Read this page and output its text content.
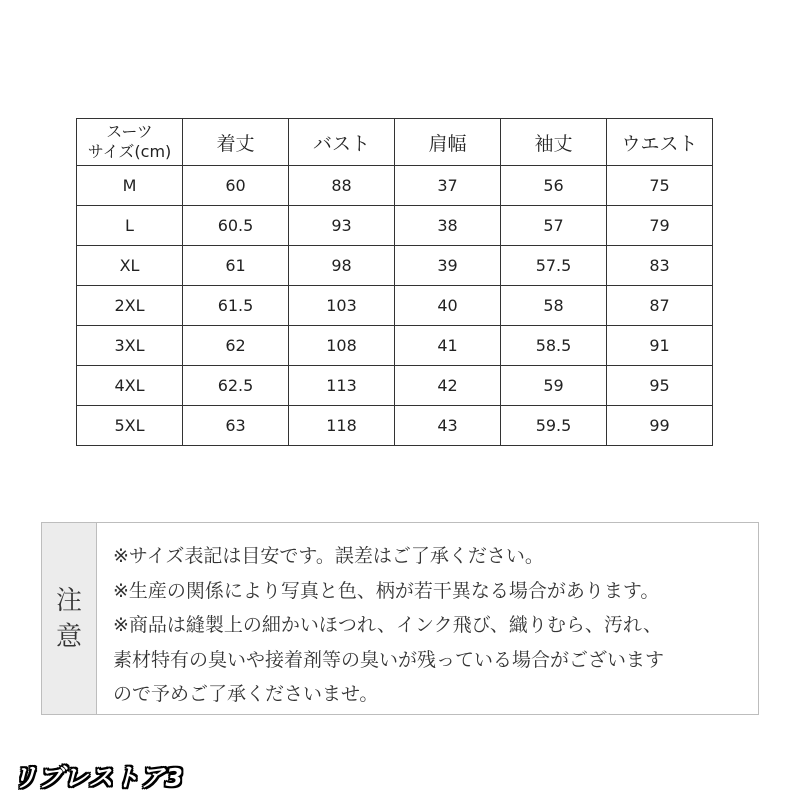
スーツ
サイズ(cm)	着丈	バスト	肩幅	袖丈	ウエスト
M	60	88	37	56	75
L	60.5	93	38	57	79
XL	61	98	39	57.5	83
2XL	61.5	103	40	58	87
3XL	62	108	41	58.5	91
4XL	62.5	113	42	59	95
5XL	63	118	43	59.5	99
注
意
※サイズ表記は目安です。誤差はご了承ください。
※生産の関係により写真と色、柄が若干異なる場合があります。
※商品は縫製上の細かいほつれ、インク飛び、織りむら、汚れ、
素材特有の臭いや接着剤等の臭いが残っている場合がございます
ので予めご了承くださいませ。
リブレストア3
